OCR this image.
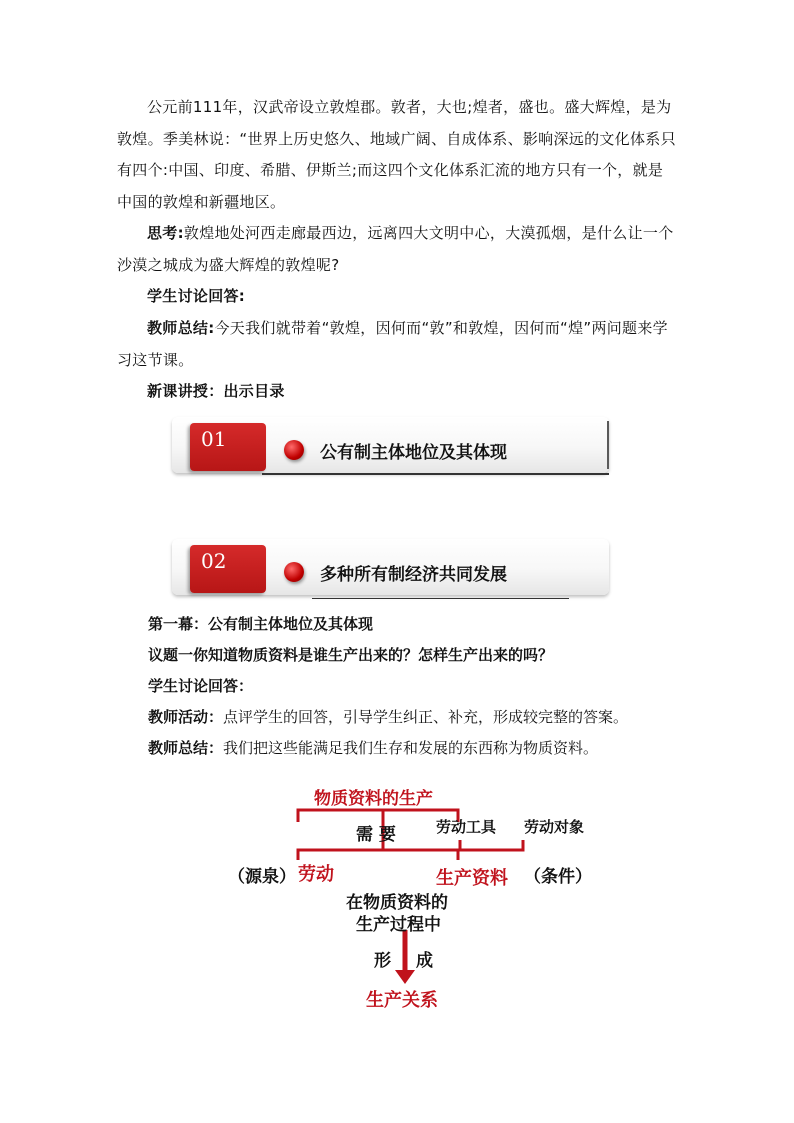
公元前111年，汉武帝设立敦煌郡。敦者，大也;煌者，盛也。盛大辉煌，是为敦煌。季美林说：“世界上历史悠久、地域广阔、自成体系、影响深远的文化体系只有四个:中国、印度、希腊、伊斯兰;而这四个文化体系汇流的地方只有一个，就是中国的敦煌和新疆地区。

思考:敦煌地处河西走廊最西边，远离四大文明中心，大漠孤烟，是什么让一个沙漠之城成为盛大辉煌的敦煌呢?

学生讨论回答:

教师总结:今天我们就带着“敦煌，因何而“敦”和敦煌，因何而“煌”两问题来学习这节课。

新课讲授：出示目录

01
公有制主体地位及其体现
02
多种所有制经济共同发展

第一幕：公有制主体地位及其体现

议题一你知道物质资料是谁生产出来的？怎样生产出来的吗？

学生讨论回答：

教师活动：点评学生的回答，引导学生纠正、补充，形成较完整的答案。

教师总结：我们把这些能满足我们生存和发展的东西称为物质资料。

物质资料的生产
需 要	劳动工具 劳动对象
（源泉） 劳动	生产资料 （条件）
在物质资料的
生产过程中
形 成
生产关系
